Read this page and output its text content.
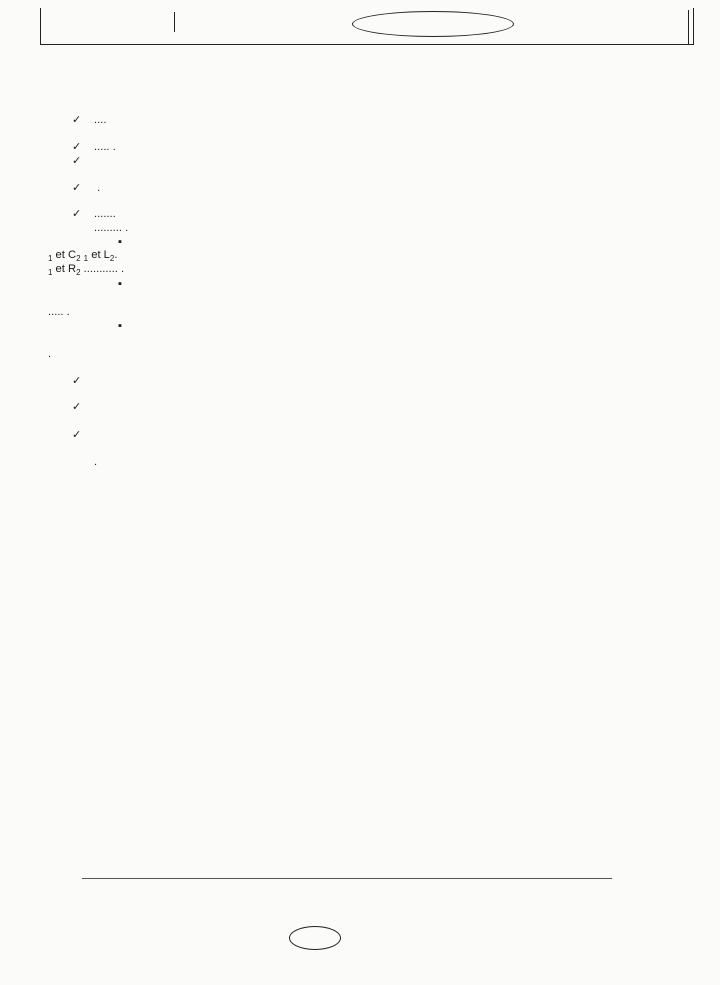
✓ ....
✓ ..... .
✓
✓ .
✓ .......
......... .
▪
$_1$ et $C_2$ $_1$ et $L_2$.
$_1$ et $R_2$ ........... .
▪
..... .
▪
.
✓
✓
✓
.
